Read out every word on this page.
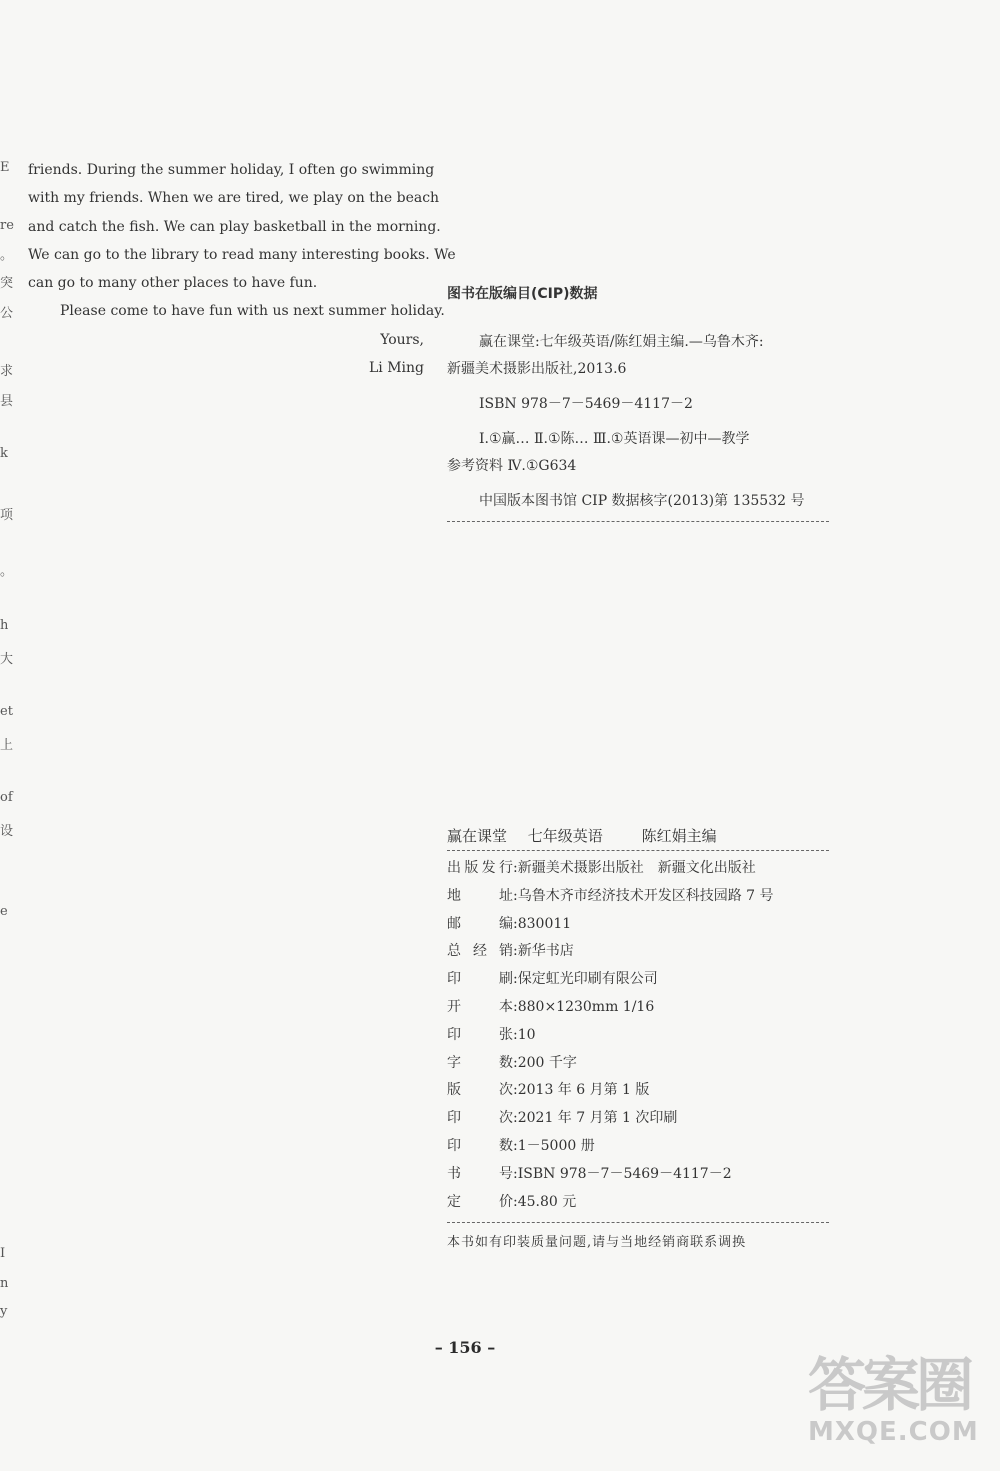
E
re
。
突
公
求
县
k
项
。
h
大
et
上
of
设
e
I
n
y
friends. During the summer holiday, I often go swimming
with my friends. When we are tired, we play on the beach
and catch the fish. We can play basketball in the morning.
We can go to the library to read many interesting books. We
can go to many other places to have fun.
Please come to have fun with us next summer holiday.
Yours,
Li Ming
图书在版编目(CIP)数据

赢在课堂:七年级英语/陈红娟主编.—乌鲁木齐:

新疆美术摄影出版社,2013.6

ISBN 978－7－5469－4117－2

Ⅰ.①赢… Ⅱ.①陈… Ⅲ.①英语课—初中—教学

参考资料 Ⅳ.①G634

中国版本图书馆 CIP 数据核字(2013)第 135532 号

赢在课堂 七年级英语	陈红娟主编
出版发行:新疆美术摄影出版社　新疆文化出版社
地址:乌鲁木齐市经济技术开发区科技园路 7 号
邮编:830011
总经销:新华书店
印刷:保定虹光印刷有限公司
开本:880×1230mm 1/16
印张:10
字数:200 千字
版次:2013 年 6 月第 1 版
印次:2021 年 7 月第 1 次印刷
印数:1－5000 册
书号:ISBN 978－7－5469－4117－2
定价:45.80 元
本书如有印装质量问题,请与当地经销商联系调换
– 156 –
答案圈
MXQE.COM
